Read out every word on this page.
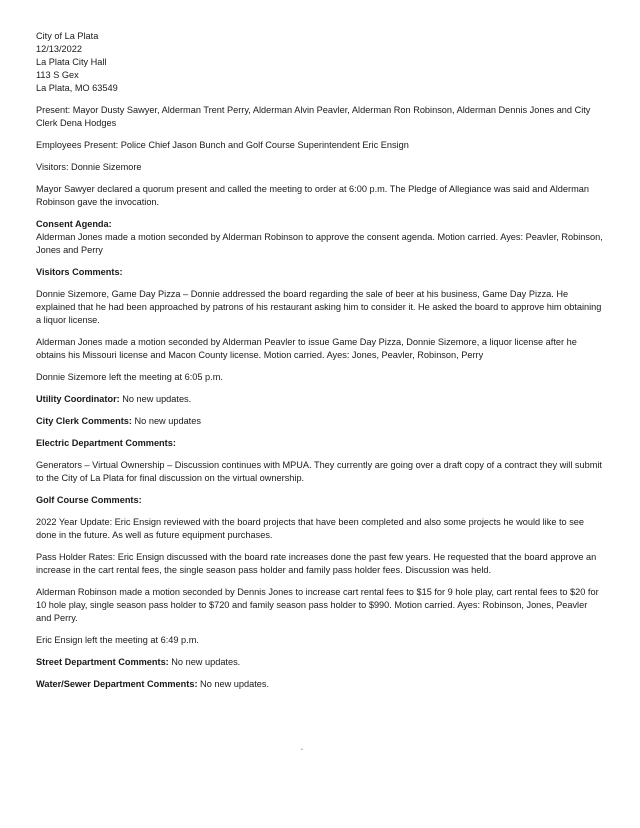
City of La Plata
12/13/2022
La Plata City Hall
113 S Gex
La Plata, MO 63549

Present: Mayor Dusty Sawyer, Alderman Trent Perry, Alderman Alvin Peavler, Alderman Ron Robinson, Alderman Dennis Jones and City Clerk Dena Hodges

Employees Present: Police Chief Jason Bunch and Golf Course Superintendent Eric Ensign

Visitors: Donnie Sizemore

Mayor Sawyer declared a quorum present and called the meeting to order at 6:00 p.m. The Pledge of Allegiance was said and Alderman Robinson gave the invocation.

Consent Agenda:

Alderman Jones made a motion seconded by Alderman Robinson to approve the consent agenda. Motion carried. Ayes: Peavler, Robinson, Jones and Perry

Visitors Comments:

Donnie Sizemore, Game Day Pizza – Donnie addressed the board regarding the sale of beer at his business, Game Day Pizza. He explained that he had been approached by patrons of his restaurant asking him to consider it. He asked the board to approve him obtaining a liquor license.

Alderman Jones made a motion seconded by Alderman Peavler to issue Game Day Pizza, Donnie Sizemore, a liquor license after he obtains his Missouri license and Macon County license. Motion carried. Ayes: Jones, Peavler, Robinson, Perry

Donnie Sizemore left the meeting at 6:05 p.m.

Utility Coordinator: No new updates.

City Clerk Comments: No new updates

Electric Department Comments:

Generators – Virtual Ownership – Discussion continues with MPUA. They currently are going over a draft copy of a contract they will submit to the City of La Plata for final discussion on the virtual ownership.

Golf Course Comments:

2022 Year Update: Eric Ensign reviewed with the board projects that have been completed and also some projects he would like to see done in the future. As well as future equipment purchases.

Pass Holder Rates: Eric Ensign discussed with the board rate increases done the past few years. He requested that the board approve an increase in the cart rental fees, the single season pass holder and family pass holder fees. Discussion was held.

Alderman Robinson made a motion seconded by Dennis Jones to increase cart rental fees to $15 for 9 hole play, cart rental fees to $20 for 10 hole play, single season pass holder to $720 and family season pass holder to $990. Motion carried. Ayes: Robinson, Jones, Peavler and Perry.

Eric Ensign left the meeting at 6:49 p.m.

Street Department Comments: No new updates.

Water/Sewer Department Comments: No new updates.

•
